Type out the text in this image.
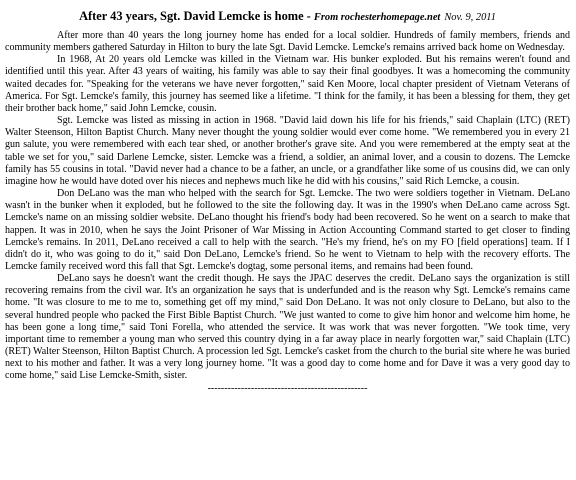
After 43 years, Sgt. David Lemcke is home - From rochesterhomepage.net Nov. 9, 2011

After more than 40 years the long journey home has ended for a local soldier. Hundreds of family members, friends and community members gathered Saturday in Hilton to bury the late Sgt. David Lemcke. Lemcke's remains arrived back home on Wednesday.

In 1968, At 20 years old Lemcke was killed in the Vietnam war. His bunker exploded. But his remains weren't found and identified until this year. After 43 years of waiting, his family was able to say their final goodbyes. It was a homecoming the community waited decades for. "Speaking for the veterans we have never forgotten," said Ken Moore, local chapter president of Vietnam Veterans of America. For Sgt. Lemcke's family, this journey has seemed like a lifetime. "I think for the family, it has been a blessing for them, they get their brother back home," said John Lemcke, cousin.

Sgt. Lemcke was listed as missing in action in 1968. "David laid down his life for his friends," said Chaplain (LTC) (RET) Walter Steenson, Hilton Baptist Church. Many never thought the young soldier would ever come home. "We remembered you in every 21 gun salute, you were remembered with each tear shed, or another brother's grave site. And you were remembered at the empty seat at the table we set for you," said Darlene Lemcke, sister. Lemcke was a friend, a soldier, an animal lover, and a cousin to dozens. The Lemcke family has 55 cousins in total. "David never had a chance to be a father, an uncle, or a grandfather like some of us cousins did, we can only imagine how he would have doted over his nieces and nephews much like he did with his cousins," said Rich Lemcke, a cousin.

Don DeLano was the man who helped with the search for Sgt. Lemcke. The two were soldiers together in Vietnam. DeLano wasn't in the bunker when it exploded, but he followed to the site the following day. It was in the 1990's when DeLano came across Sgt. Lemcke's name on an missing soldier website. DeLano thought his friend's body had been recovered. So he went on a search to make that happen. It was in 2010, when he says the Joint Prisoner of War Missing in Action Accounting Command started to get closer to finding Lemcke's remains. In 2011, DeLano received a call to help with the search. "He's my friend, he's on my FO [field operations] team. If I didn't do it, who was going to do it," said Don DeLano, Lemcke's friend. So he went to Vietnam to help with the recovery efforts. The Lemcke family received word this fall that Sgt. Lemcke's dogtag, some personal items, and remains had been found.

DeLano says he doesn't want the credit though. He says the JPAC deserves the credit. DeLano says the organization is still recovering remains from the civil war. It's an organization he says that is underfunded and is the reason why Sgt. Lemcke's remains came home. "It was closure to me to me to, something get off my mind," said Don DeLano. It was not only closure to DeLano, but also to the several hundred people who packed the First Bible Baptist Church. "We just wanted to come to give him honor and welcome him home, he has been gone a long time," said Toni Forella, who attended the service. It was work that was never forgotten. "We took time, very important time to remember a young man who served this country dying in a far away place in nearly forgotten war," said Chaplain (LTC) (RET) Walter Steenson, Hilton Baptist Church. A procession led Sgt. Lemcke's casket from the church to the burial site where he was buried next to his mother and father. It was a very long journey home. "It was a good day to come home and for Dave it was a very good day to come home," said Lise Lemcke-Smith, sister.

------------------------------------------------
